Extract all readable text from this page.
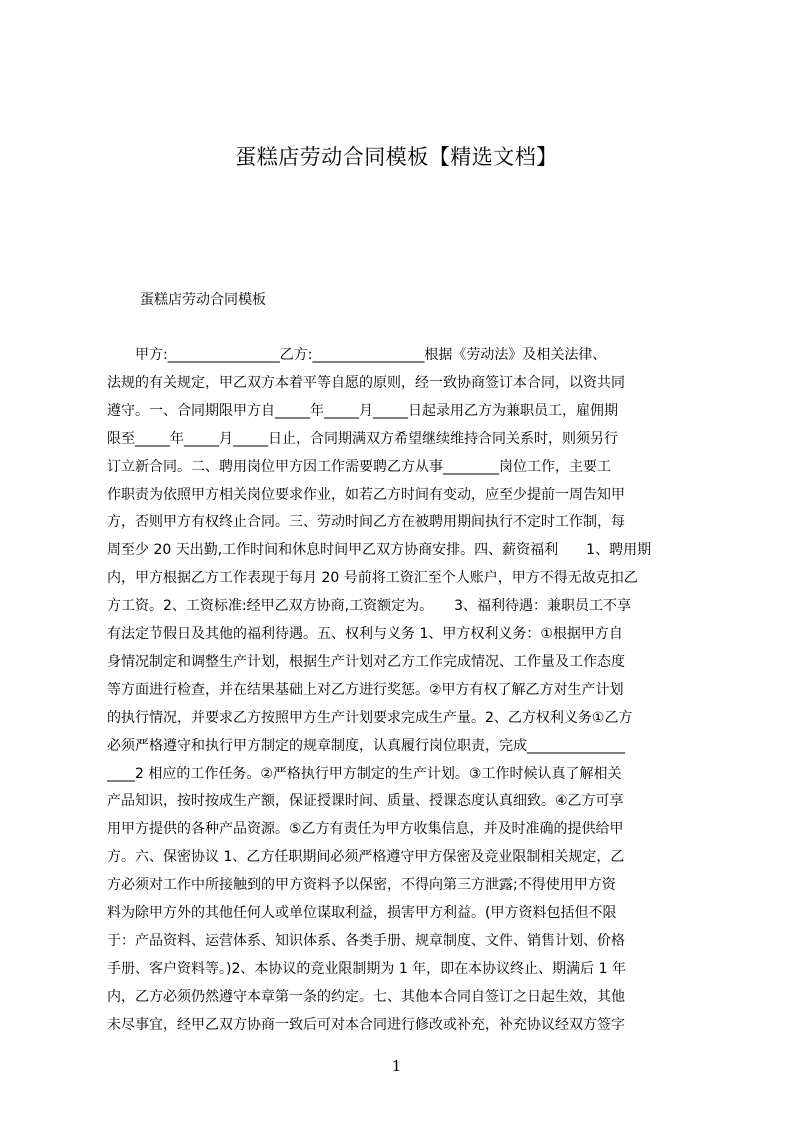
蛋糕店劳动合同模板【精选文档】
蛋糕店劳动合同模板
　　甲方:________________乙方:________________根据《劳动法》及相关法律、
法规的有关规定，甲乙双方本着平等自愿的原则，经一致协商签订本合同，以资共同
遵守。一、合同期限甲方自_____年_____月_____日起录用乙方为兼职员工，雇佣期
限至_____年_____月_____日止，合同期满双方希望继续维持合同关系时，则须另行
订立新合同。二、聘用岗位甲方因工作需要聘乙方从事________岗位工作，主要工
作职责为依照甲方相关岗位要求作业，如若乙方时间有变动，应至少提前一周告知甲
方，否则甲方有权终止合同。三、劳动时间乙方在被聘用期间执行不定时工作制，每
周至少 20 天出勤,工作时间和休息时间甲乙双方协商安排。四、薪资福利　　1、聘用期
内，甲方根据乙方工作表现于每月 20 号前将工资汇至个人账户，甲方不得无故克扣乙
方工资。2、工资标准:经甲乙双方协商,工资额定为。　　3、福利待遇：兼职员工不享
有法定节假日及其他的福利待遇。五、权利与义务 1、甲方权利义务：①根据甲方自
身情况制定和调整生产计划，根据生产计划对乙方工作完成情况、工作量及工作态度
等方面进行检查，并在结果基础上对乙方进行奖惩。②甲方有权了解乙方对生产计划
的执行情况，并要求乙方按照甲方生产计划要求完成生产量。2、乙方权利义务①乙方
必须严格遵守和执行甲方制定的规章制度，认真履行岗位职责，完成______________
____2 相应的工作任务。②严格执行甲方制定的生产计划。③工作时候认真了解相关
产品知识，按时按成生产额，保证授课时间、质量、授课态度认真细致。④乙方可享
用甲方提供的各种产品资源。⑤乙方有责任为甲方收集信息，并及时准确的提供给甲
方。六、保密协议 1、乙方任职期间必须严格遵守甲方保密及竞业限制相关规定，乙
方必须对工作中所接触到的甲方资料予以保密，不得向第三方泄露;不得使用甲方资
料为除甲方外的其他任何人或单位谋取利益，损害甲方利益。(甲方资料包括但不限
于：产品资料、运营体系、知识体系、各类手册、规章制度、文件、销售计划、价格
手册、客户资料等。)2、本协议的竞业限制期为 1 年，即在本协议终止、期满后 1 年
内，乙方必须仍然遵守本章第一条的约定。七、其他本合同自签订之日起生效，其他
未尽事宜，经甲乙双方协商一致后可对本合同进行修改或补充，补充协议经双方签字
1
